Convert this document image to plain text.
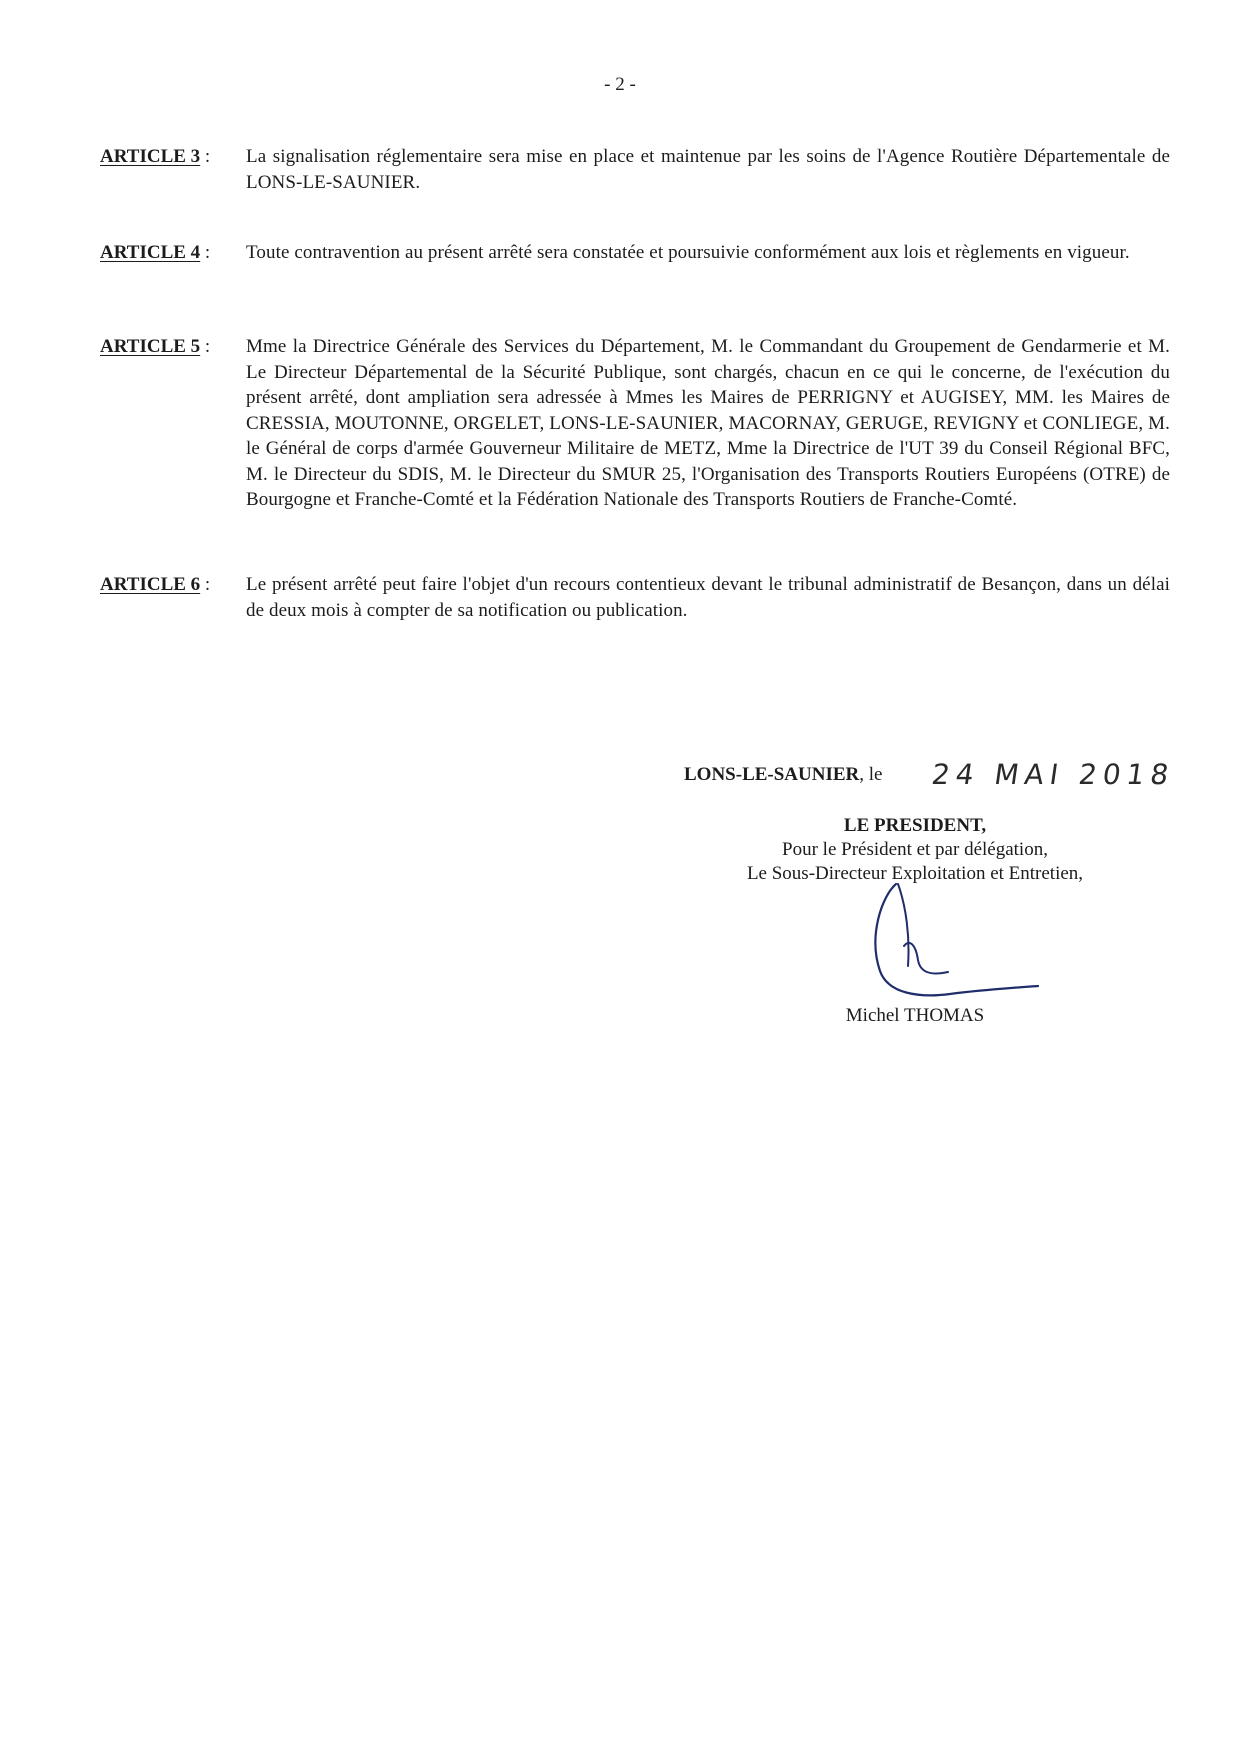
- 2 -
ARTICLE 3 :	La signalisation réglementaire sera mise en place et maintenue par les soins de l'Agence Routière Départementale de LONS-LE-SAUNIER.
ARTICLE 4 :	Toute contravention au présent arrêté sera constatée et poursuivie conformément aux lois et règlements en vigueur.
ARTICLE 5 :	Mme la Directrice Générale des Services du Département, M. le Commandant du Groupement de Gendarmerie et M. Le Directeur Départemental de la Sécurité Publique, sont chargés, chacun en ce qui le concerne, de l'exécution du présent arrêté, dont ampliation sera adressée à Mmes les Maires de PERRIGNY et AUGISEY, MM. les Maires de CRESSIA, MOUTONNE, ORGELET, LONS-LE-SAUNIER, MACORNAY, GERUGE, REVIGNY et CONLIEGE, M. le Général de corps d'armée Gouverneur Militaire de METZ, Mme la Directrice de l'UT 39 du Conseil Régional BFC, M. le Directeur du SDIS, M. le Directeur du SMUR 25, l'Organisation des Transports Routiers Européens (OTRE) de Bourgogne et Franche-Comté et la Fédération Nationale des Transports Routiers de Franche-Comté.
ARTICLE 6 :	Le présent arrêté peut faire l'objet d'un recours contentieux devant le tribunal administratif de Besançon, dans un délai de deux mois à compter de sa notification ou publication.
LONS-LE-SAUNIER, le 24 MAI 2018
LE PRESIDENT,
Pour le Président et par délégation,
Le Sous-Directeur Exploitation et Entretien,
Michel THOMAS
